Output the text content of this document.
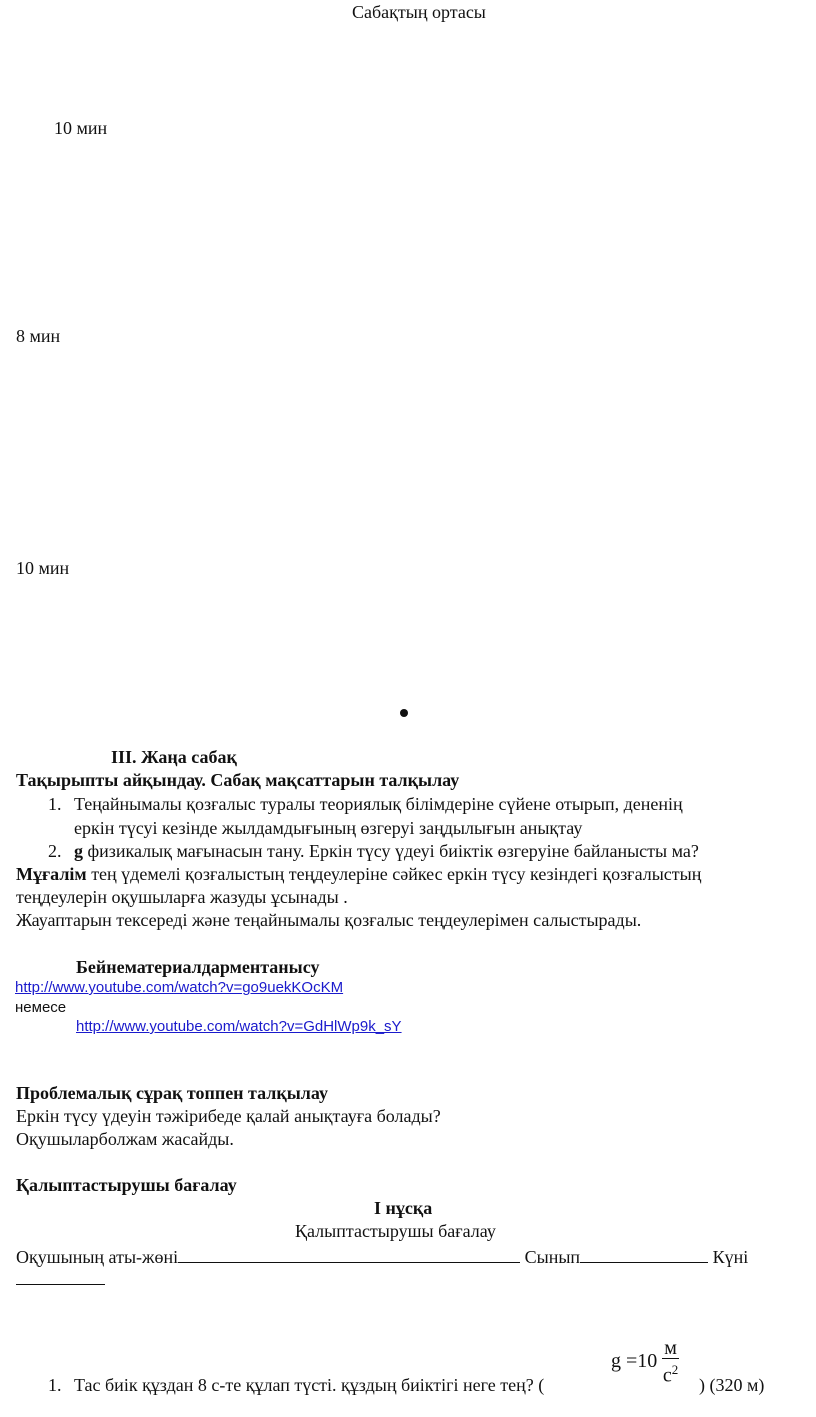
Сабақтың ортасы
10 мин
8 мин
10 мин
ІІІ. Жаңа сабақ
Тақырыпты айқындау. Сабақ мақсаттарын талқылау
1. Теңайнымалы қозғалыс туралы теориялық білімдеріне сүйене отырып, дененің
еркін түсуі кезінде жылдамдығының өзгеруі заңдылығын анықтау
2. g физикалық мағынасын тану. Еркін түсу үдеуі биіктік өзгеруіне байланысты ма?
Мұғалім тең үдемелі қозғалыстың теңдеулеріне сәйкес еркін түсу кезіндегі қозғалыстың
теңдеулерін оқушыларға жазуды ұсынады .
Жауаптарын тексереді және теңайнымалы қозғалыс теңдеулерімен салыстырады.
Бейнематериалдарментанысу
http://www.youtube.com/watch?v=go9uekKOcKM
немесе
http://www.youtube.com/watch?v=GdHlWp9k_sY
Проблемалық сұрақ топпен талқылау
Еркін түсу үдеуін тәжірибеде қалай анықтауға болады?
Оқушыларболжам жасайды.
Қалыптастырушы бағалау
І нұсқа
Қалыптастырушы бағалау
Оқушының аты-жөні	Сынып	Күні
$g =10 \frac{м}{с^2}$
1. Тас биік құздан 8 с-те құлап түсті. құздың биіктігі неге тең? (	) (320 м)
